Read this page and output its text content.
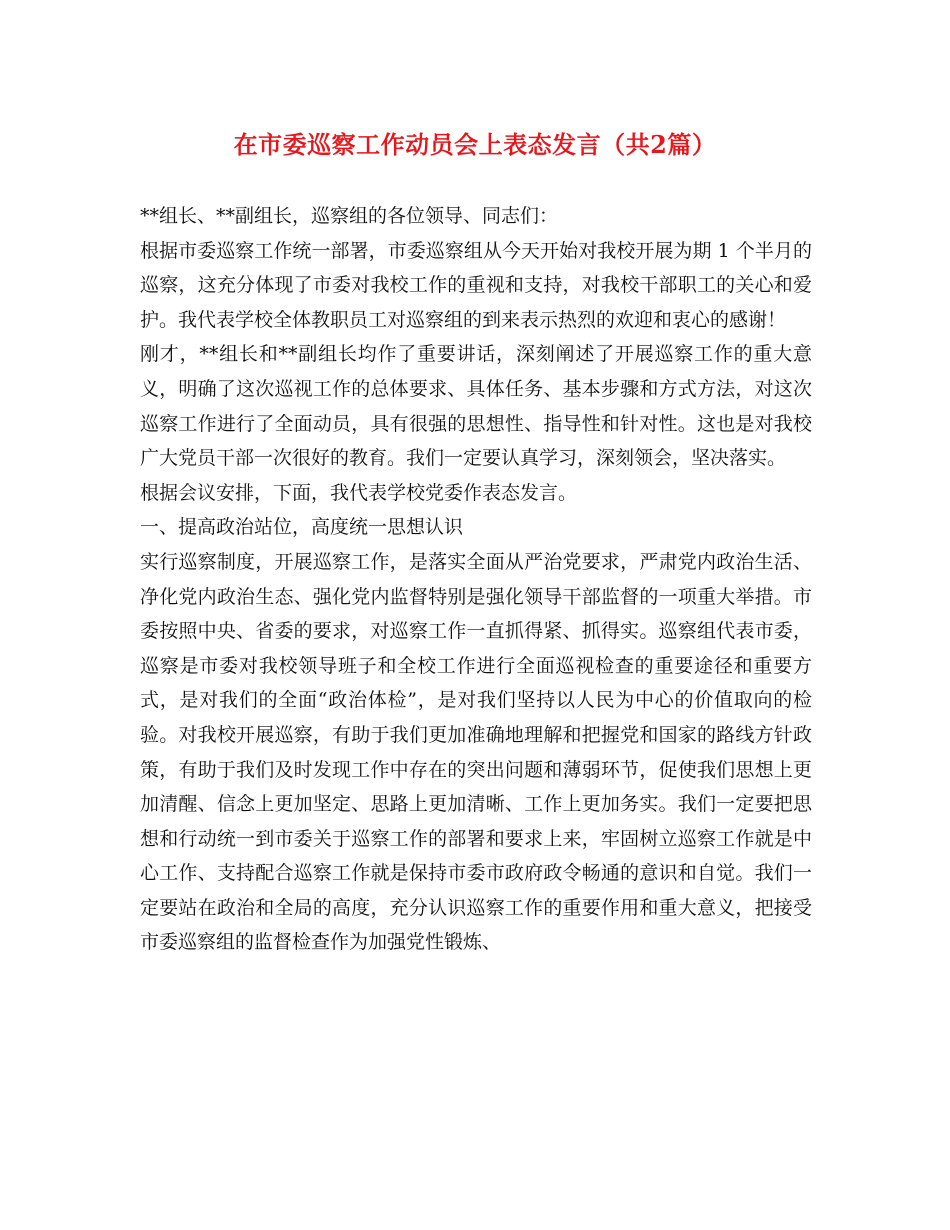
在市委巡察工作动员会上表态发言（共2篇）

**组长、**副组长，巡察组的各位领导、同志们：

根据市委巡察工作统一部署，市委巡察组从今天开始对我校开展为期 1 个半月的巡察，这充分体现了市委对我校工作的重视和支持，对我校干部职工的关心和爱护。我代表学校全体教职员工对巡察组的到来表示热烈的欢迎和衷心的感谢！

刚才，**组长和**副组长均作了重要讲话，深刻阐述了开展巡察工作的重大意义，明确了这次巡视工作的总体要求、具体任务、基本步骤和方式方法，对这次巡察工作进行了全面动员，具有很强的思想性、指导性和针对性。这也是对我校广大党员干部一次很好的教育。我们一定要认真学习，深刻领会，坚决落实。

根据会议安排，下面，我代表学校党委作表态发言。

一、提高政治站位，高度统一思想认识

实行巡察制度，开展巡察工作，是落实全面从严治党要求，严肃党内政治生活、净化党内政治生态、强化党内监督特别是强化领导干部监督的一项重大举措。市委按照中央、省委的要求，对巡察工作一直抓得紧、抓得实。巡察组代表市委，巡察是市委对我校领导班子和全校工作进行全面巡视检查的重要途径和重要方式，是对我们的全面“政治体检”，是对我们坚持以人民为中心的价值取向的检验。对我校开展巡察，有助于我们更加准确地理解和把握党和国家的路线方针政策，有助于我们及时发现工作中存在的突出问题和薄弱环节，促使我们思想上更加清醒、信念上更加坚定、思路上更加清晰、工作上更加务实。我们一定要把思想和行动统一到市委关于巡察工作的部署和要求上来，牢固树立巡察工作就是中心工作、支持配合巡察工作就是保持市委市政府政令畅通的意识和自觉。我们一定要站在政治和全局的高度，充分认识巡察工作的重要作用和重大意义，把接受市委巡察组的监督检查作为加强党性锻炼、
